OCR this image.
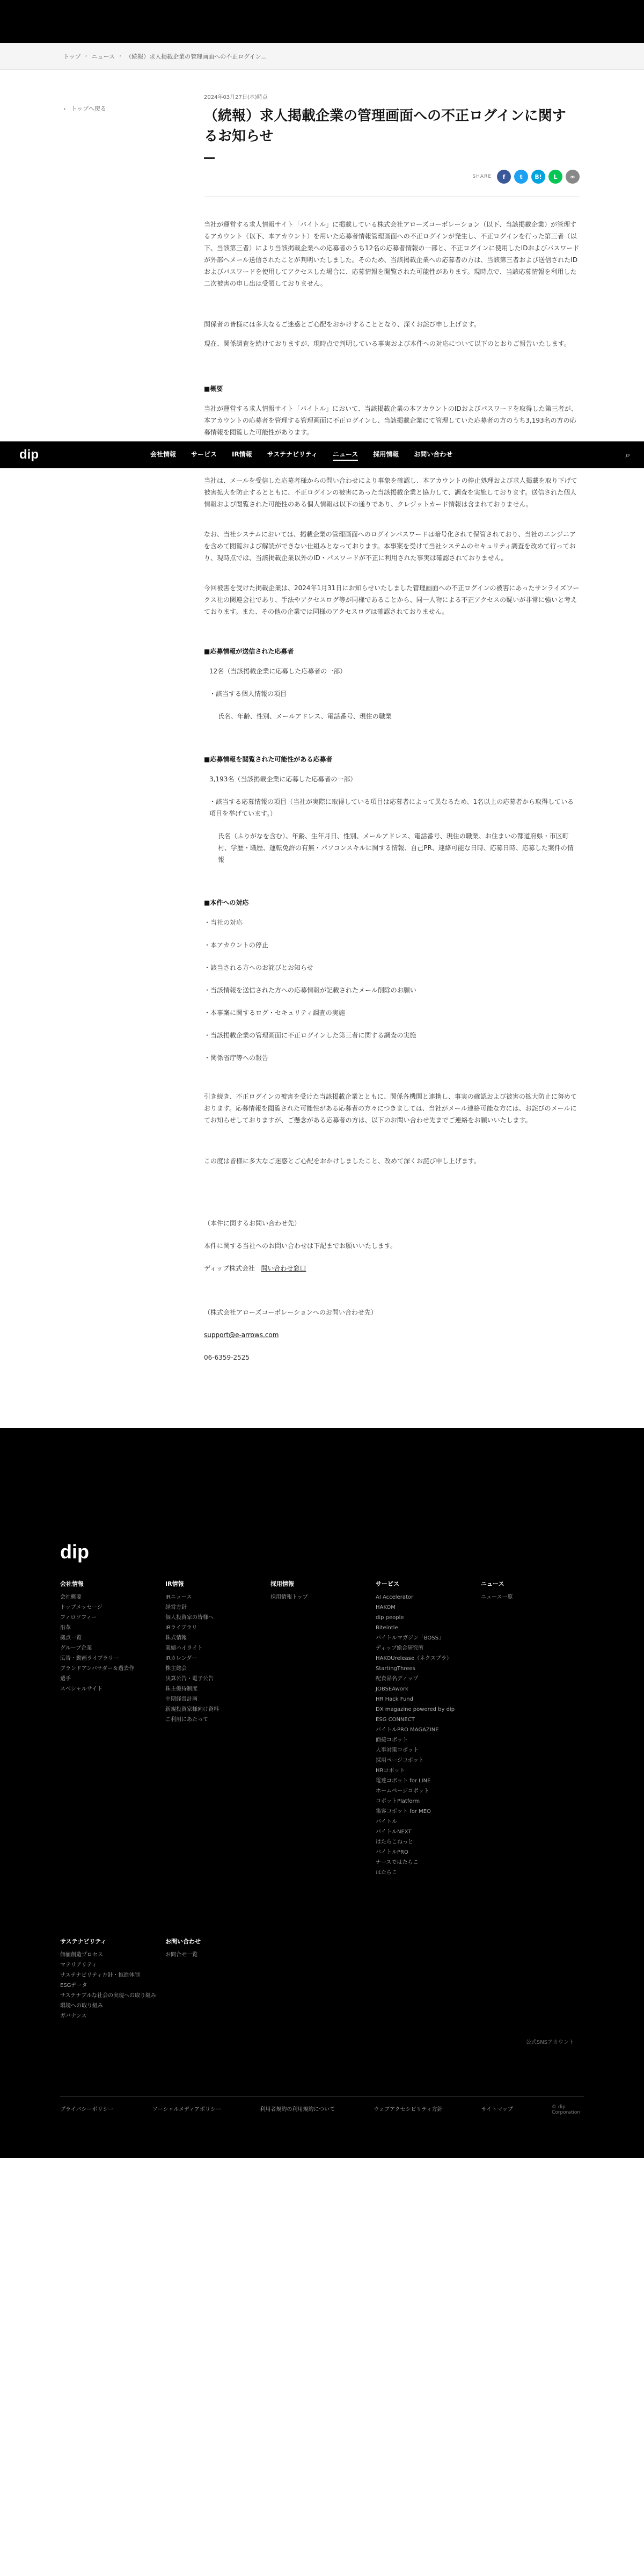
トップ › ニュース › （続報）求人掲載企業の管理画面への不正ログイン...
‹ トップへ戻る
2024年03月27日(水)時点
（続報）求人掲載企業の管理画面への不正ログインに関するお知らせ
SHARE	f	t	B!	L	∞

当社が運営する求人情報サイト「バイトル」に掲載している株式会社アローズコーポレーション（以下、当該掲載企業）が管理するアカウント（以下、本アカウント）を用いた応募者情報管理画面への不正ログインが発生し、不正ログインを行った第三者（以下、当該第三者）により当該掲載企業への応募者のうち12名の応募者情報の一部と、不正ログインに使用したIDおよびパスワードが外部へメール送信されたことが判明いたしました。そのため、当該掲載企業への応募者の方は、当該第三者および送信されたIDおよびパスワードを使用してアクセスした場合に、応募情報を閲覧された可能性があります。現時点で、当該応募情報を利用した二次被害の申し出は受領しておりません。

関係者の皆様には多大なるご迷惑とご心配をおかけすることとなり、深くお詫び申し上げます。

現在、関係調査を続けておりますが、現時点で判明している事実および本件への対応について以下のとおりご報告いたします。

■概要

当社が運営する求人情報サイト「バイトル」において、当該掲載企業の本アカウントのIDおよびパスワードを取得した第三者が、本アカウントの応募者を管理する管理画面に不正ログインし、当該掲載企業にて管理していた応募者の方のうち3,193名の方の応募情報を閲覧した可能性があります。

dip	会社情報 サービス IR情報 サステナビリティ ニュース 採用情報 お問い合わせ	⌕

当社は、メールを受信した応募者様からの問い合わせにより事象を確認し、本アカウントの停止処理および求人掲載を取り下げて被害拡大を防止するとともに、不正ログインの被害にあった当該掲載企業と協力して、調査を実施しております。送信された個人情報および閲覧された可能性のある個人情報は以下の通りであり、クレジットカード情報は含まれておりません。

なお、当社システムにおいては、掲載企業の管理画面へのログインパスワードは暗号化されて保管されており、当社のエンジニアを含めて閲覧および解読ができない仕組みとなっております。本事案を受けて当社システムのセキュリティ調査を改めて行っており、現時点では、当該掲載企業以外のID・パスワードが不正に利用された事実は確認されておりません。

今回被害を受けた掲載企業は、2024年1月31日にお知らせいたしました管理画面への不正ログインの被害にあったサンライズワークス社の関連会社であり、手法やアクセスログ等が同様であることから、同一人物による不正アクセスの疑いが非常に強いと考えております。また、その他の企業では同様のアクセスログは確認されておりません。

■応募情報が送信された応募者
12名（当該掲載企業に応募した応募者の一部）
・該当する個人情報の項目
氏名、年齢、性別、メールアドレス、電話番号、現住の職業
■応募情報を閲覧された可能性がある応募者
3,193名（当該掲載企業に応募した応募者の一部）
・該当する応募情報の項目（当社が実際に取得している項目は応募者によって異なるため、1名以上の応募者から取得している項目を挙げています。）
氏名（ふりがなを含む）、年齢、生年月日、性別、メールアドレス、電話番号、現住の職業、お住まいの都道府県・市区町村、学歴・職歴、運転免許の有無・パソコンスキルに関する情報、自己PR、連絡可能な日時、応募日時、応募した案件の情報
■本件への対応
・当社の対応
・本アカウントの停止
・該当される方へのお詫びとお知らせ
・当該情報を送信された方への応募情報が記載されたメール削除のお願い
・本事案に関するログ・セキュリティ調査の実施
・当該掲載企業の管理画面に不正ログインした第三者に関する調査の実施
・関係省庁等への報告

引き続き、不正ログインの被害を受けた当該掲載企業とともに、関係各機関と連携し、事実の確認および被害の拡大防止に努めております。応募情報を閲覧された可能性がある応募者の方々につきましては、当社がメール連絡可能な方には、お詫びのメールにてお知らせしておりますが、ご懸念がある応募者の方は、以下のお問い合わせ先までご連絡をお願いいたします。

この度は皆様に多大なご迷惑とご心配をおかけしましたこと、改めて深くお詫び申し上げます。

（本件に関するお問い合わせ先）
本件に関する当社へのお問い合わせは下記までお願いいたします。
ディップ株式会社 問い合わせ窓口
（株式会社アローズコーポレーションへのお問い合わせ先）
support@e-arrows.com
06-6359-2525
dip
会社情報
会社概要
トップメッセージ
フィロソフィー
沿革
拠点一覧
グループ企業
広告・動画ライブラリー
ブランドアンバサダー＆過去作
選手
スペシャルサイト
IR情報
IRニュース
経営方針
個人投資家の皆様へ
IRライブラリ
株式情報
業績ハイライト
IRカレンダー
株主総会
決算公告・電子公告
株主優待制度
中期経営計画
新規投資家様向け資料
ご利用にあたって
採用情報
採用情報トップ
サービス
AI Accelerator
HAKOM
dip people
Biteintle
バイトルマガジン「BOSS」
ディップ総合研究所
HAKOUrelease（ネクスプラ）
StartingThrees
配食品名ディップ
JOBSEAwork
HR Hack Fund
DX magazine powered by dip
ESG CONNECT
バイトルPRO MAGAZINE
面接コボット
人事対策コボット
採用ページコボット
HRコボット
電達コボット for LINE
ホームページコボット
コボットPlatform
集客コボット for MEO
バイトル
バイトルNEXT
はたらこねっと
バイトルPRO
ナースではたらこ
はたらこ
ニュース
ニュース一覧
サステナビリティ
価値創造プロセス
マテリアリティ
サステナビリティ方針・推進体制
ESGデータ
サステナブルな社会の実現への取り組み
環境への取り組み
ガバナンス
お問い合わせ
お問合せ一覧
公式SNSアカウント
プライバシーポリシー	ソーシャルメディアポリシー	利用者規約の利用規約について	ウェブアクセシビリティ方針	サイトマップ	© dip Corporation
